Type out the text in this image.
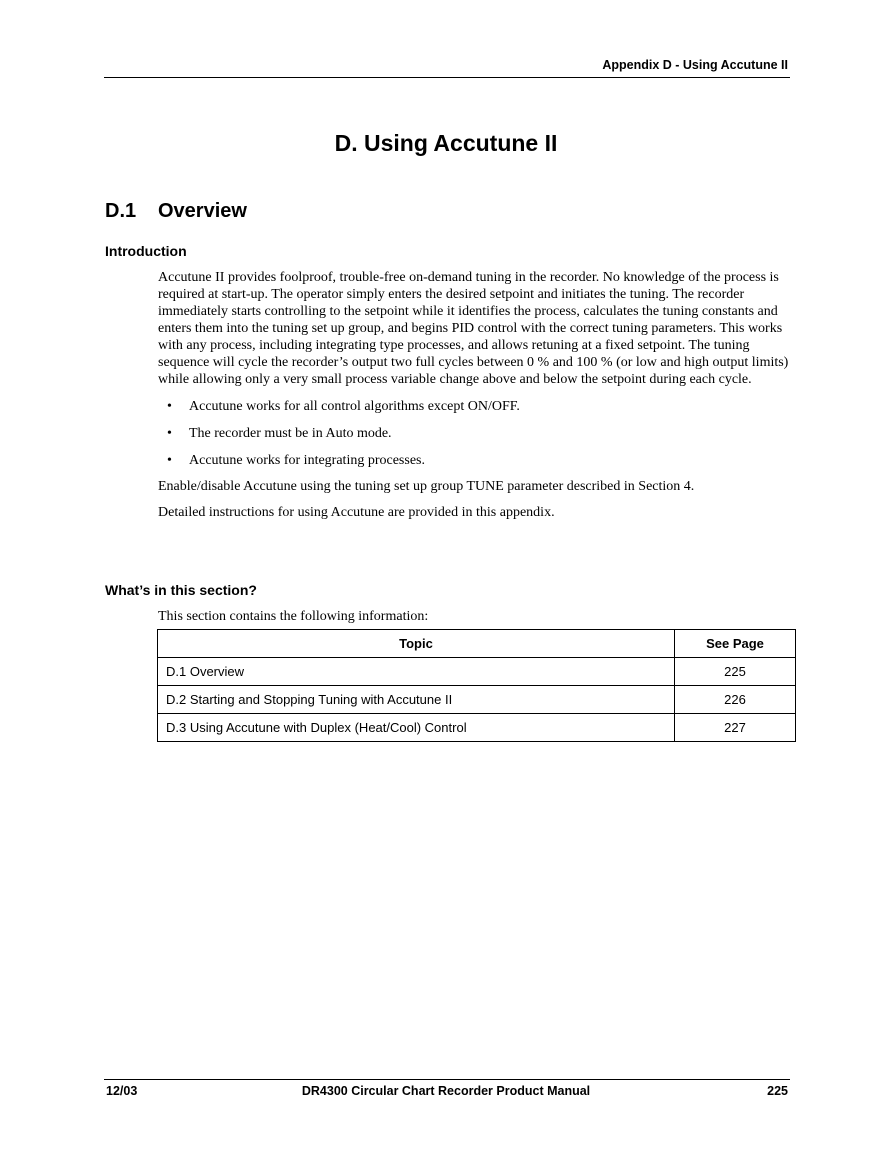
Appendix D - Using Accutune II
D. Using Accutune II
D.1 Overview
Introduction

Accutune II provides foolproof, trouble-free on-demand tuning in the recorder. No knowledge of the process is required at start-up. The operator simply enters the desired setpoint and initiates the tuning. The recorder immediately starts controlling to the setpoint while it identifies the process, calculates the tuning constants and enters them into the tuning set up group, and begins PID control with the correct tuning parameters. This works with any process, including integrating type processes, and allows retuning at a fixed setpoint. The tuning sequence will cycle the recorder’s output two full cycles between 0 % and 100 % (or low and high output limits) while allowing only a very small process variable change above and below the setpoint during each cycle.

• Accutune works for all control algorithms except ON/OFF.
• The recorder must be in Auto mode.
• Accutune works for integrating processes.

Enable/disable Accutune using the tuning set up group TUNE parameter described in Section 4.

Detailed instructions for using Accutune are provided in this appendix.

What’s in this section?
This section contains the following information:
Topic	See Page
D.1 Overview	225
D.2 Starting and Stopping Tuning with Accutune II	226
D.3 Using Accutune with Duplex (Heat/Cool) Control	227
12/03	DR4300 Circular Chart Recorder Product Manual	225
